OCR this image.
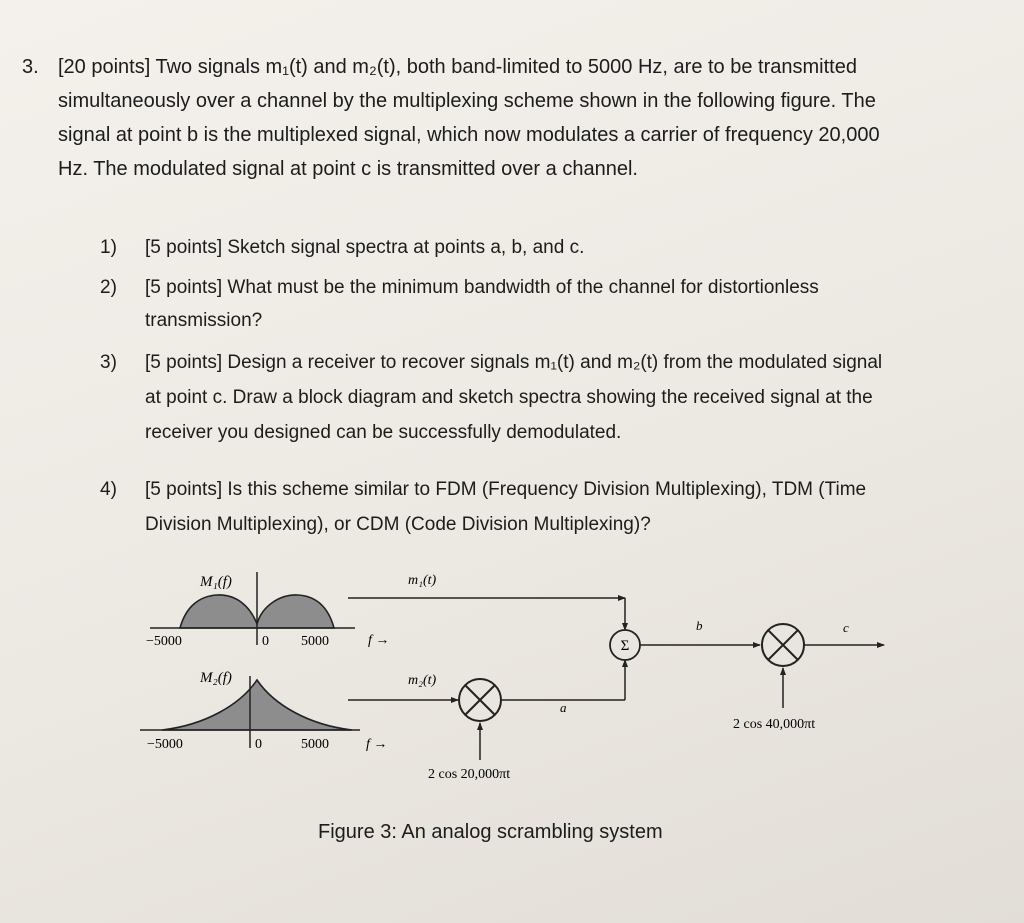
3. [20 points] Two signals m₁(t) and m₂(t), both band-limited to 5000 Hz, are to be transmitted
simultaneously over a channel by the multiplexing scheme shown in the following figure. The
signal at point b is the multiplexed signal, which now modulates a carrier of frequency 20,000
Hz. The modulated signal at point c is transmitted over a channel.
1) [5 points] Sketch signal spectra at points a, b, and c.
2) [5 points] What must be the minimum bandwidth of the channel for distortionless
transmission?
3) [5 points] Design a receiver to recover signals m₁(t) and m₂(t) from the modulated signal
at point c. Draw a block diagram and sketch spectra showing the received signal at the
receiver you designed can be successfully demodulated.
4) [5 points] Is this scheme similar to FDM (Frequency Division Multiplexing), TDM (Time
Division Multiplexing), or CDM (Code Division Multiplexing)?
M₁(f)
−5000	0 5000	f →
M₂(f)
−5000	0	5000	f →
m₁(t)
m₂(t)
2 cos 20,000πt
a
Σ
b
2 cos 40,000πt
c
Figure 3: An analog scrambling system
